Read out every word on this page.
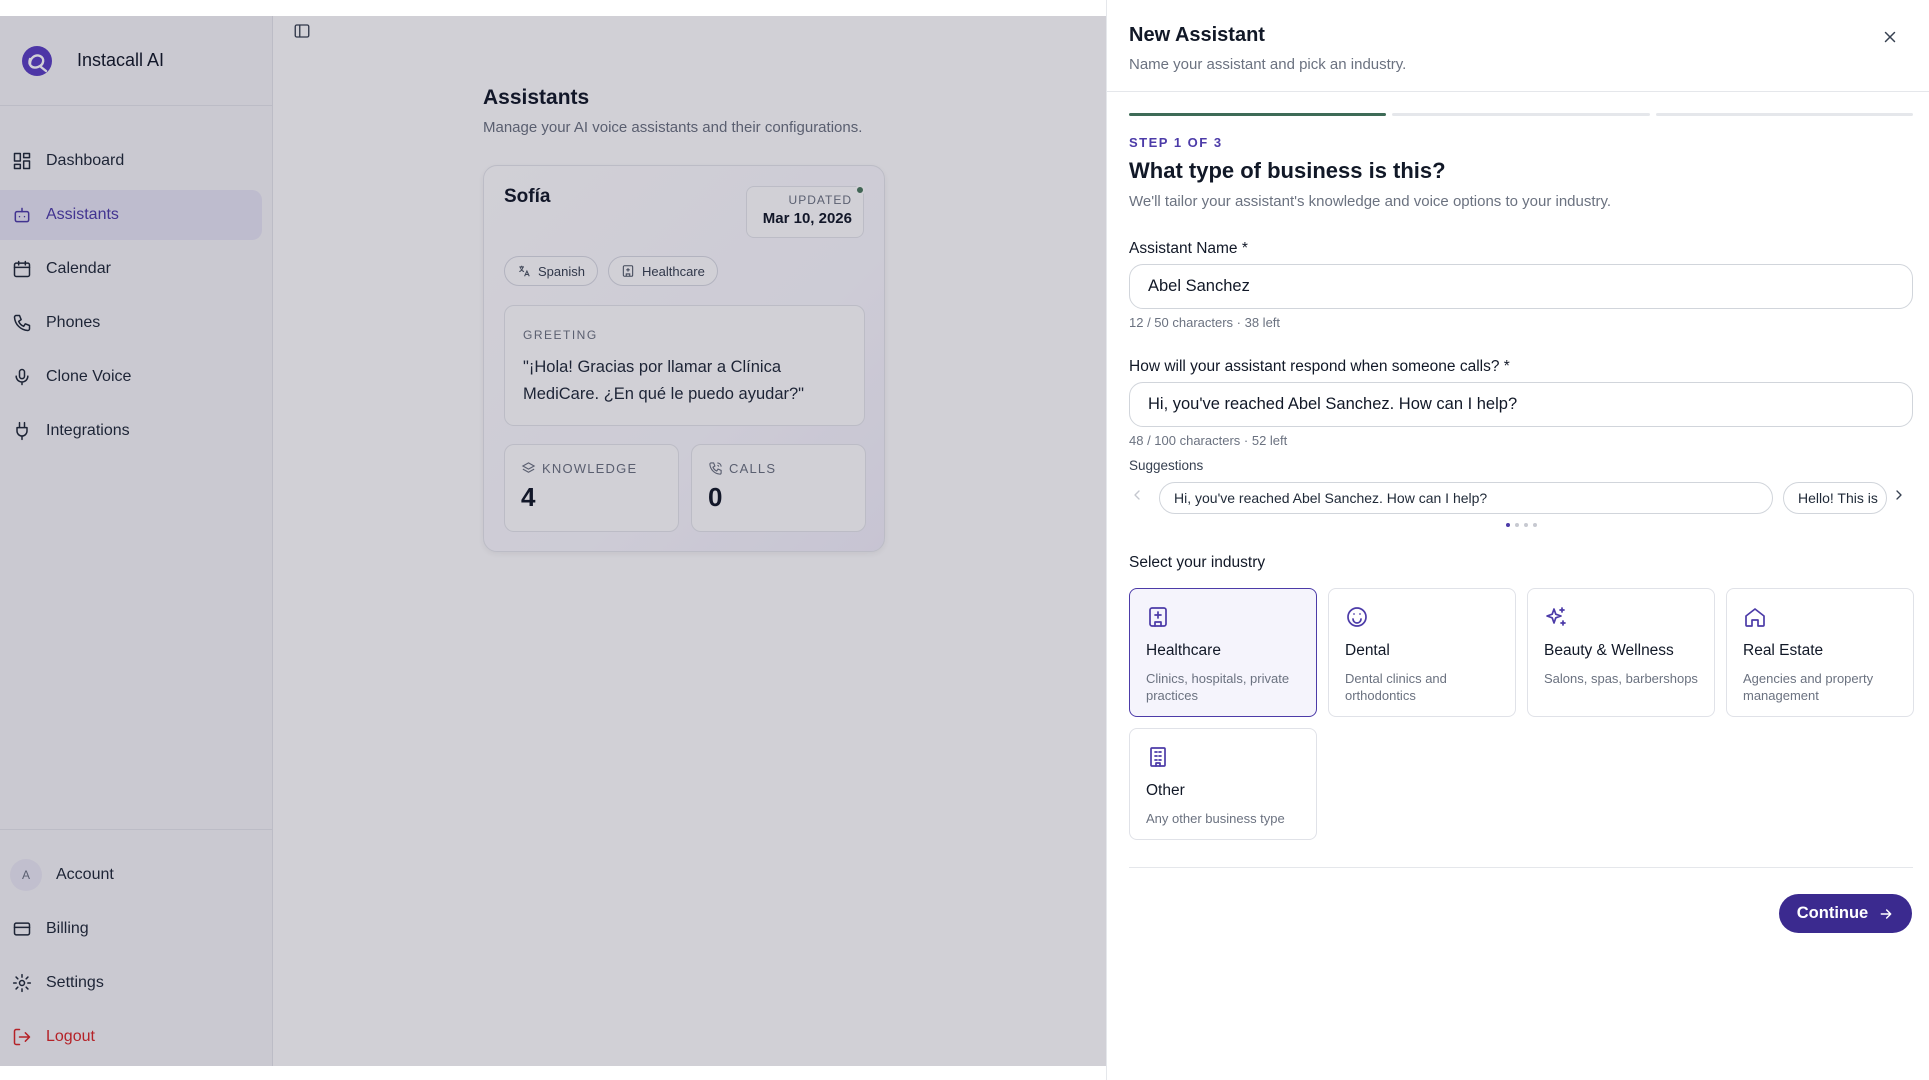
Instacall AI
Dashboard
Assistants
Calendar
Phones
Clone Voice
Integrations
A	Account
Billing
Settings
Logout
Assistants

Manage your AI voice assistants and their configurations.

Sofía	UPDATED
Mar 10, 2026
Spanish	Healthcare
GREETING
"¡Hola! Gracias por llamar a Clínica MediCare. ¿En qué le puedo ayudar?"
KNOWLEDGE
4
CALLS
0
New Assistant

Name your assistant and pick an industry.

STEP 1 OF 3
What type of business is this?
We'll tailor your assistant's knowledge and voice options to your industry.
Assistant Name *
Abel Sanchez
12 / 50 characters · 38 left
How will your assistant respond when someone calls? *
Hi, you've reached Abel Sanchez. How can I help?
48 / 100 characters · 52 left
Suggestions
Hi, you've reached Abel Sanchez. How can I help?	Hello! This is
Select your industry
Healthcare
Clinics, hospitals, private practices
Dental
Dental clinics and orthodontics
Beauty & Wellness
Salons, spas, barbershops
Real Estate
Agencies and property management
Other
Any other business type
Continue
